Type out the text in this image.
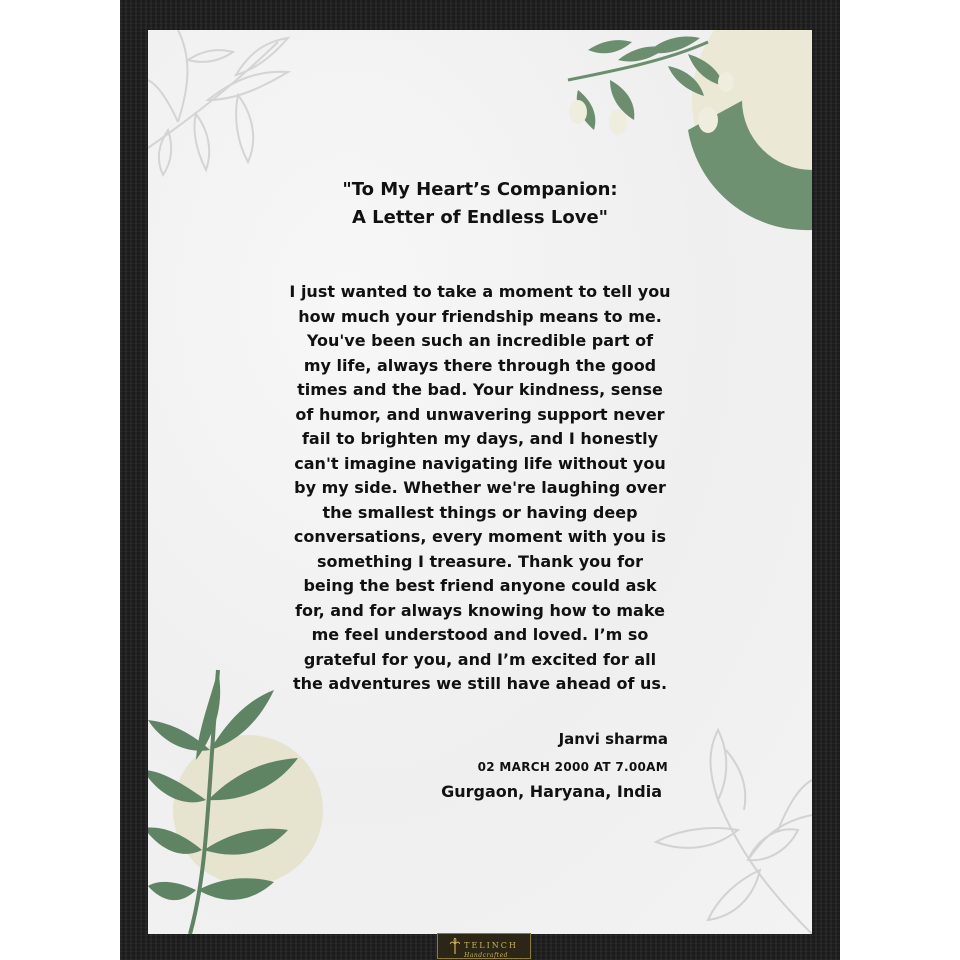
"To My Heart’s Companion:
A Letter of Endless Love"
I just wanted to take a moment to tell you
how much your friendship means to me.
You've been such an incredible part of
my life, always there through the good
times and the bad. Your kindness, sense
of humor, and unwavering support never
fail to brighten my days, and I honestly
can't imagine navigating life without you
by my side. Whether we're laughing over
the smallest things or having deep
conversations, every moment with you is
something I treasure. Thank you for
being the best friend anyone could ask
for, and for always knowing how to make
me feel understood and loved. I’m so
grateful for you, and I’m excited for all
the adventures we still have ahead of us.
Janvi sharma
02 MARCH 2000 AT 7.00AM
Gurgaon, Haryana, India
TELINCH
Handcrafted
